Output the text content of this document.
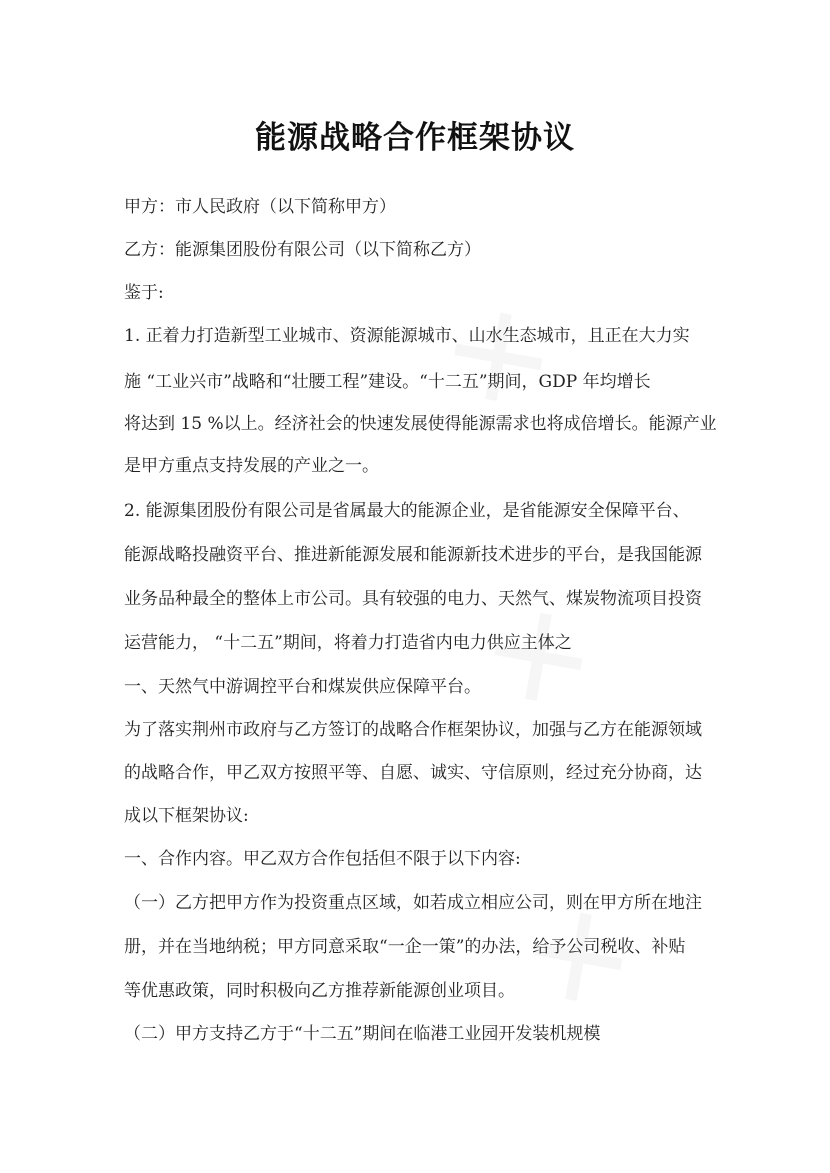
能源战略合作框架协议
甲方：市人民政府（以下简称甲方）
乙方：能源集团股份有限公司（以下简称乙方）
鉴于:
1. 正着力打造新型工业城市、资源能源城市、山水生态城市，且正在大力实
施 “工业兴市”战略和“壮腰工程”建设。“十二五”期间，GDP 年均增长
将达到 15 %以上。经济社会的快速发展使得能源需求也将成倍增长。能源产业
是甲方重点支持发展的产业之一。
2. 能源集团股份有限公司是省属最大的能源企业，是省能源安全保障平台、
能源战略投融资平台、推进新能源发展和能源新技术进步的平台，是我国能源
业务品种最全的整体上市公司。具有较强的电力、天然气、煤炭物流项目投资
运营能力， “十二五”期间，将着力打造省内电力供应主体之
一、天然气中游调控平台和煤炭供应保障平台。
为了落实荆州市政府与乙方签订的战略合作框架协议，加强与乙方在能源领域
的战略合作，甲乙双方按照平等、自愿、诚实、守信原则，经过充分协商，达
成以下框架协议:
一、合作内容。甲乙双方合作包括但不限于以下内容:
（一）乙方把甲方作为投资重点区域，如若成立相应公司，则在甲方所在地注
册，并在当地纳税；甲方同意采取“一企一策”的办法，给予公司税收、补贴
等优惠政策，同时积极向乙方推荐新能源创业项目。
（二）甲方支持乙方于“十二五”期间在临港工业园开发装机规模
